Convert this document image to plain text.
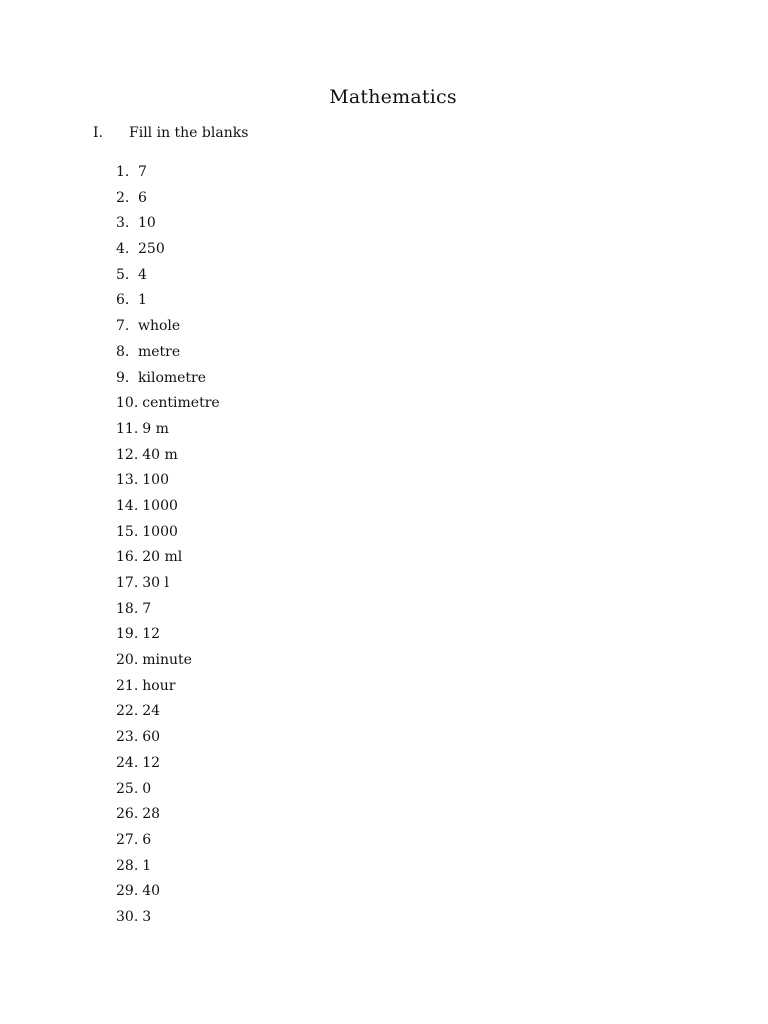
Mathematics
I. Fill in the blanks
1. 7
2. 6
3. 10
4. 250
5. 4
6. 1
7. whole
8. metre
9. kilometre
10. centimetre
11. 9 m
12. 40 m
13. 100
14. 1000
15. 1000
16. 20 ml
17. 30 l
18. 7
19. 12
20. minute
21. hour
22. 24
23. 60
24. 12
25. 0
26. 28
27. 6
28. 1
29. 40
30. 3
